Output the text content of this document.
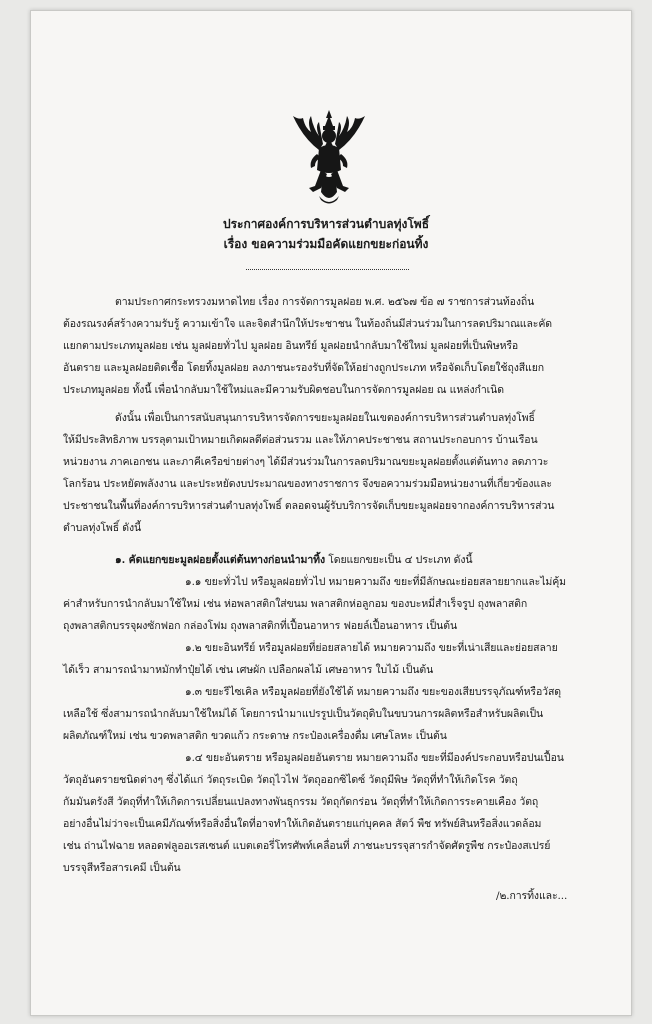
ประกาศองค์การบริหารส่วนตำบลทุ่งโพธิ์
เรื่อง ขอความร่วมมือคัดแยกขยะก่อนทิ้ง
ตามประกาศกระทรวงมหาดไทย เรื่อง การจัดการมูลฝอย พ.ศ. ๒๕๖๗ ข้อ ๗ ราชการส่วนท้องถิ่น
ต้องรณรงค์สร้างความรับรู้ ความเข้าใจ และจิตสำนึกให้ประชาชน ในท้องถิ่นมีส่วนร่วมในการลดปริมาณและคัด
แยกตามประเภทมูลฝอย เช่น มูลฝอยทั่วไป มูลฝอย อินทรีย์ มูลฝอยนำกลับมาใช้ใหม่ มูลฝอยที่เป็นพิษหรือ
อันตราย และมูลฝอยติดเชื้อ โดยทิ้งมูลฝอย ลงภาชนะรองรับที่จัดให้อย่างถูกประเภท หรือจัดเก็บโดยใช้ถุงสีแยก
ประเภทมูลฝอย ทั้งนี้ เพื่อนำกลับมาใช้ใหม่และมีความรับผิดชอบในการจัดการมูลฝอย ณ แหล่งกำเนิด
ดังนั้น เพื่อเป็นการสนับสนุนการบริหารจัดการขยะมูลฝอยในเขตองค์การบริหารส่วนตำบลทุ่งโพธิ์
ให้มีประสิทธิภาพ บรรลุตามเป้าหมายเกิดผลดีต่อส่วนรวม และให้ภาคประชาชน สถานประกอบการ บ้านเรือน
หน่วยงาน ภาคเอกชน และภาคีเครือข่ายต่างๆ ได้มีส่วนร่วมในการลดปริมาณขยะมูลฝอยตั้งแต่ต้นทาง ลดภาวะ
โลกร้อน ประหยัดพลังงาน และประหยัดงบประมาณของทางราชการ จึงขอความร่วมมือหน่วยงานที่เกี่ยวข้องและ
ประชาชนในพื้นที่องค์การบริหารส่วนตำบลทุ่งโพธิ์ ตลอดจนผู้รับบริการจัดเก็บขยะมูลฝอยจากองค์การบริหารส่วน
ตำบลทุ่งโพธิ์ ดังนี้
๑. คัดแยกขยะมูลฝอยตั้งแต่ต้นทางก่อนนำมาทิ้ง โดยแยกขยะเป็น ๔ ประเภท ดังนี้
๑.๑ ขยะทั่วไป หรือมูลฝอยทั่วไป หมายความถึง ขยะที่มีลักษณะย่อยสลายยากและไม่คุ้ม
ค่าสำหรับการนำกลับมาใช้ใหม่ เช่น ห่อพลาสติกใส่ขนม พลาสติกห่อลูกอม ของบะหมี่สำเร็จรูป ถุงพลาสติก
ถุงพลาสติกบรรจุผงซักฟอก กล่องโฟม ถุงพลาสติกที่เปื้อนอาหาร ฟอยล์เปื้อนอาหาร เป็นต้น
๑.๒ ขยะอินทรีย์ หรือมูลฝอยที่ย่อยสลายได้ หมายความถึง ขยะที่เน่าเสียและย่อยสลาย
ได้เร็ว สามารถนำมาหมักทำปุ๋ยได้ เช่น เศษผัก เปลือกผลไม้ เศษอาหาร ใบไม้ เป็นต้น
๑.๓ ขยะรีไซเคิล หรือมูลฝอยที่ยังใช้ได้ หมายความถึง ขยะของเสียบรรจุภัณฑ์หรือวัสดุ
เหลือใช้ ซึ่งสามารถนำกลับมาใช้ใหม่ได้ โดยการนำมาแปรรูปเป็นวัตถุดิบในขบวนการผลิตหรือสำหรับผลิตเป็น
ผลิตภัณฑ์ใหม่ เช่น ขวดพลาสติก ขวดแก้ว กระดาษ กระป๋องเครื่องดื่ม เศษโลหะ เป็นต้น
๑.๔ ขยะอันตราย หรือมูลฝอยอันตราย หมายความถึง ขยะที่มีองค์ประกอบหรือปนเปื้อน
วัตถุอันตรายชนิดต่างๆ ซึ่งได้แก่ วัตถุระเบิด วัตถุไวไฟ วัตถุออกซิไดซ์ วัตถุมีพิษ วัตถุที่ทำให้เกิดโรค วัตถุ
กัมมันตรังสี วัตถุที่ทำให้เกิดการเปลี่ยนแปลงทางพันธุกรรม วัตถุกัดกร่อน วัตถุที่ทำให้เกิดการระคายเคือง วัตถุ
อย่างอื่นไม่ว่าจะเป็นเคมีภัณฑ์หรือสิ่งอื่นใดที่อาจทำให้เกิดอันตรายแก่บุคคล สัตว์ พืช ทรัพย์สินหรือสิ่งแวดล้อม
เช่น ถ่านไฟฉาย หลอดฟลูออเรสเซนต์ แบตเตอรี่โทรศัพท์เคลื่อนที่ ภาชนะบรรจุสารกำจัดศัตรูพืช กระป๋องสเปรย์
บรรจุสีหรือสารเคมี เป็นต้น
/๒.การทิ้งและ...
